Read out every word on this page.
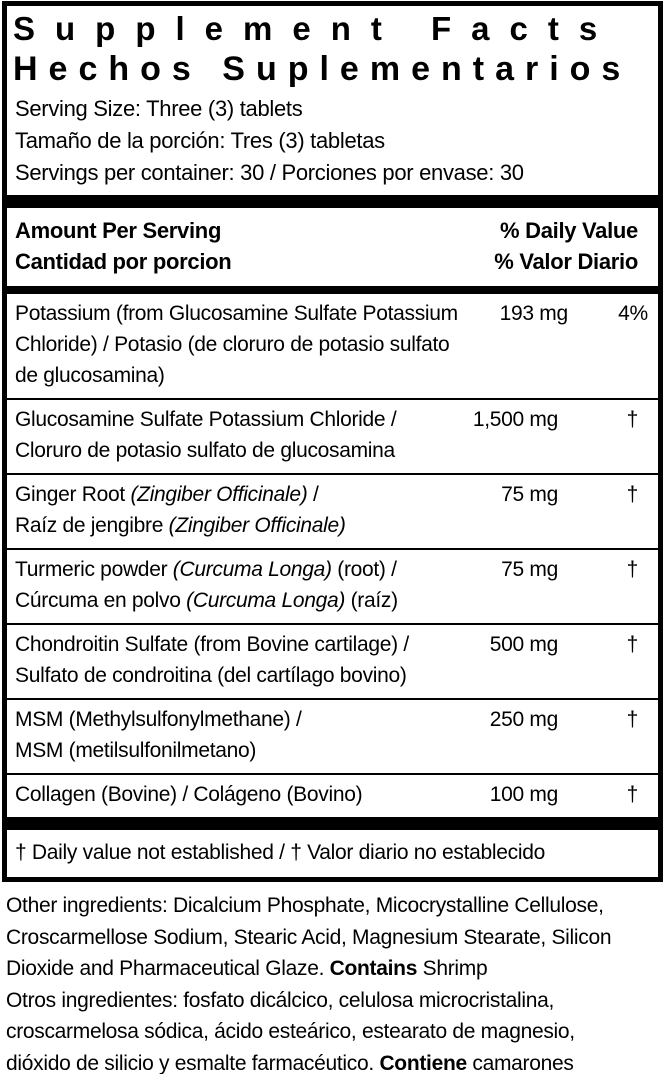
Supplement Facts
Hechos Suplementarios
Serving Size: Three (3) tablets
Tamaño de la porción: Tres (3) tabletas
Servings per container: 30 / Porciones por envase: 30
Amount Per Serving
Cantidad por porcion
% Daily Value
% Valor Diario
Potassium (from Glucosamine Sulfate Potassium
Chloride) / Potasio (de cloruro de potasio sulfato
de glucosamina)
193 mg	4%
Glucosamine Sulfate Potassium Chloride /
Cloruro de potasio sulfato de glucosamina
1,500 mg	†
Ginger Root (Zingiber Officinale) /
Raíz de jengibre (Zingiber Officinale)
75 mg	†
Turmeric powder (Curcuma Longa) (root) /
Cúrcuma en polvo (Curcuma Longa) (raíz)
75 mg	†
Chondroitin Sulfate (from Bovine cartilage) /
Sulfato de condroitina (del cartílago bovino)
500 mg	†
MSM (Methylsulfonylmethane) /
MSM (metilsulfonilmetano)
250 mg	†
Collagen (Bovine) / Colágeno (Bovino)	100 mg	†
† Daily value not established / † Valor diario no establecido
Other ingredients: Dicalcium Phosphate, Micocrystalline Cellulose,
Croscarmellose Sodium, Stearic Acid, Magnesium Stearate, Silicon
Dioxide and Pharmaceutical Glaze. Contains Shrimp
Otros ingredientes: fosfato dicálcico, celulosa microcristalina,
croscarmelosa sódica, ácido esteárico, estearato de magnesio,
dióxido de silicio y esmalte farmacéutico. Contiene camarones
